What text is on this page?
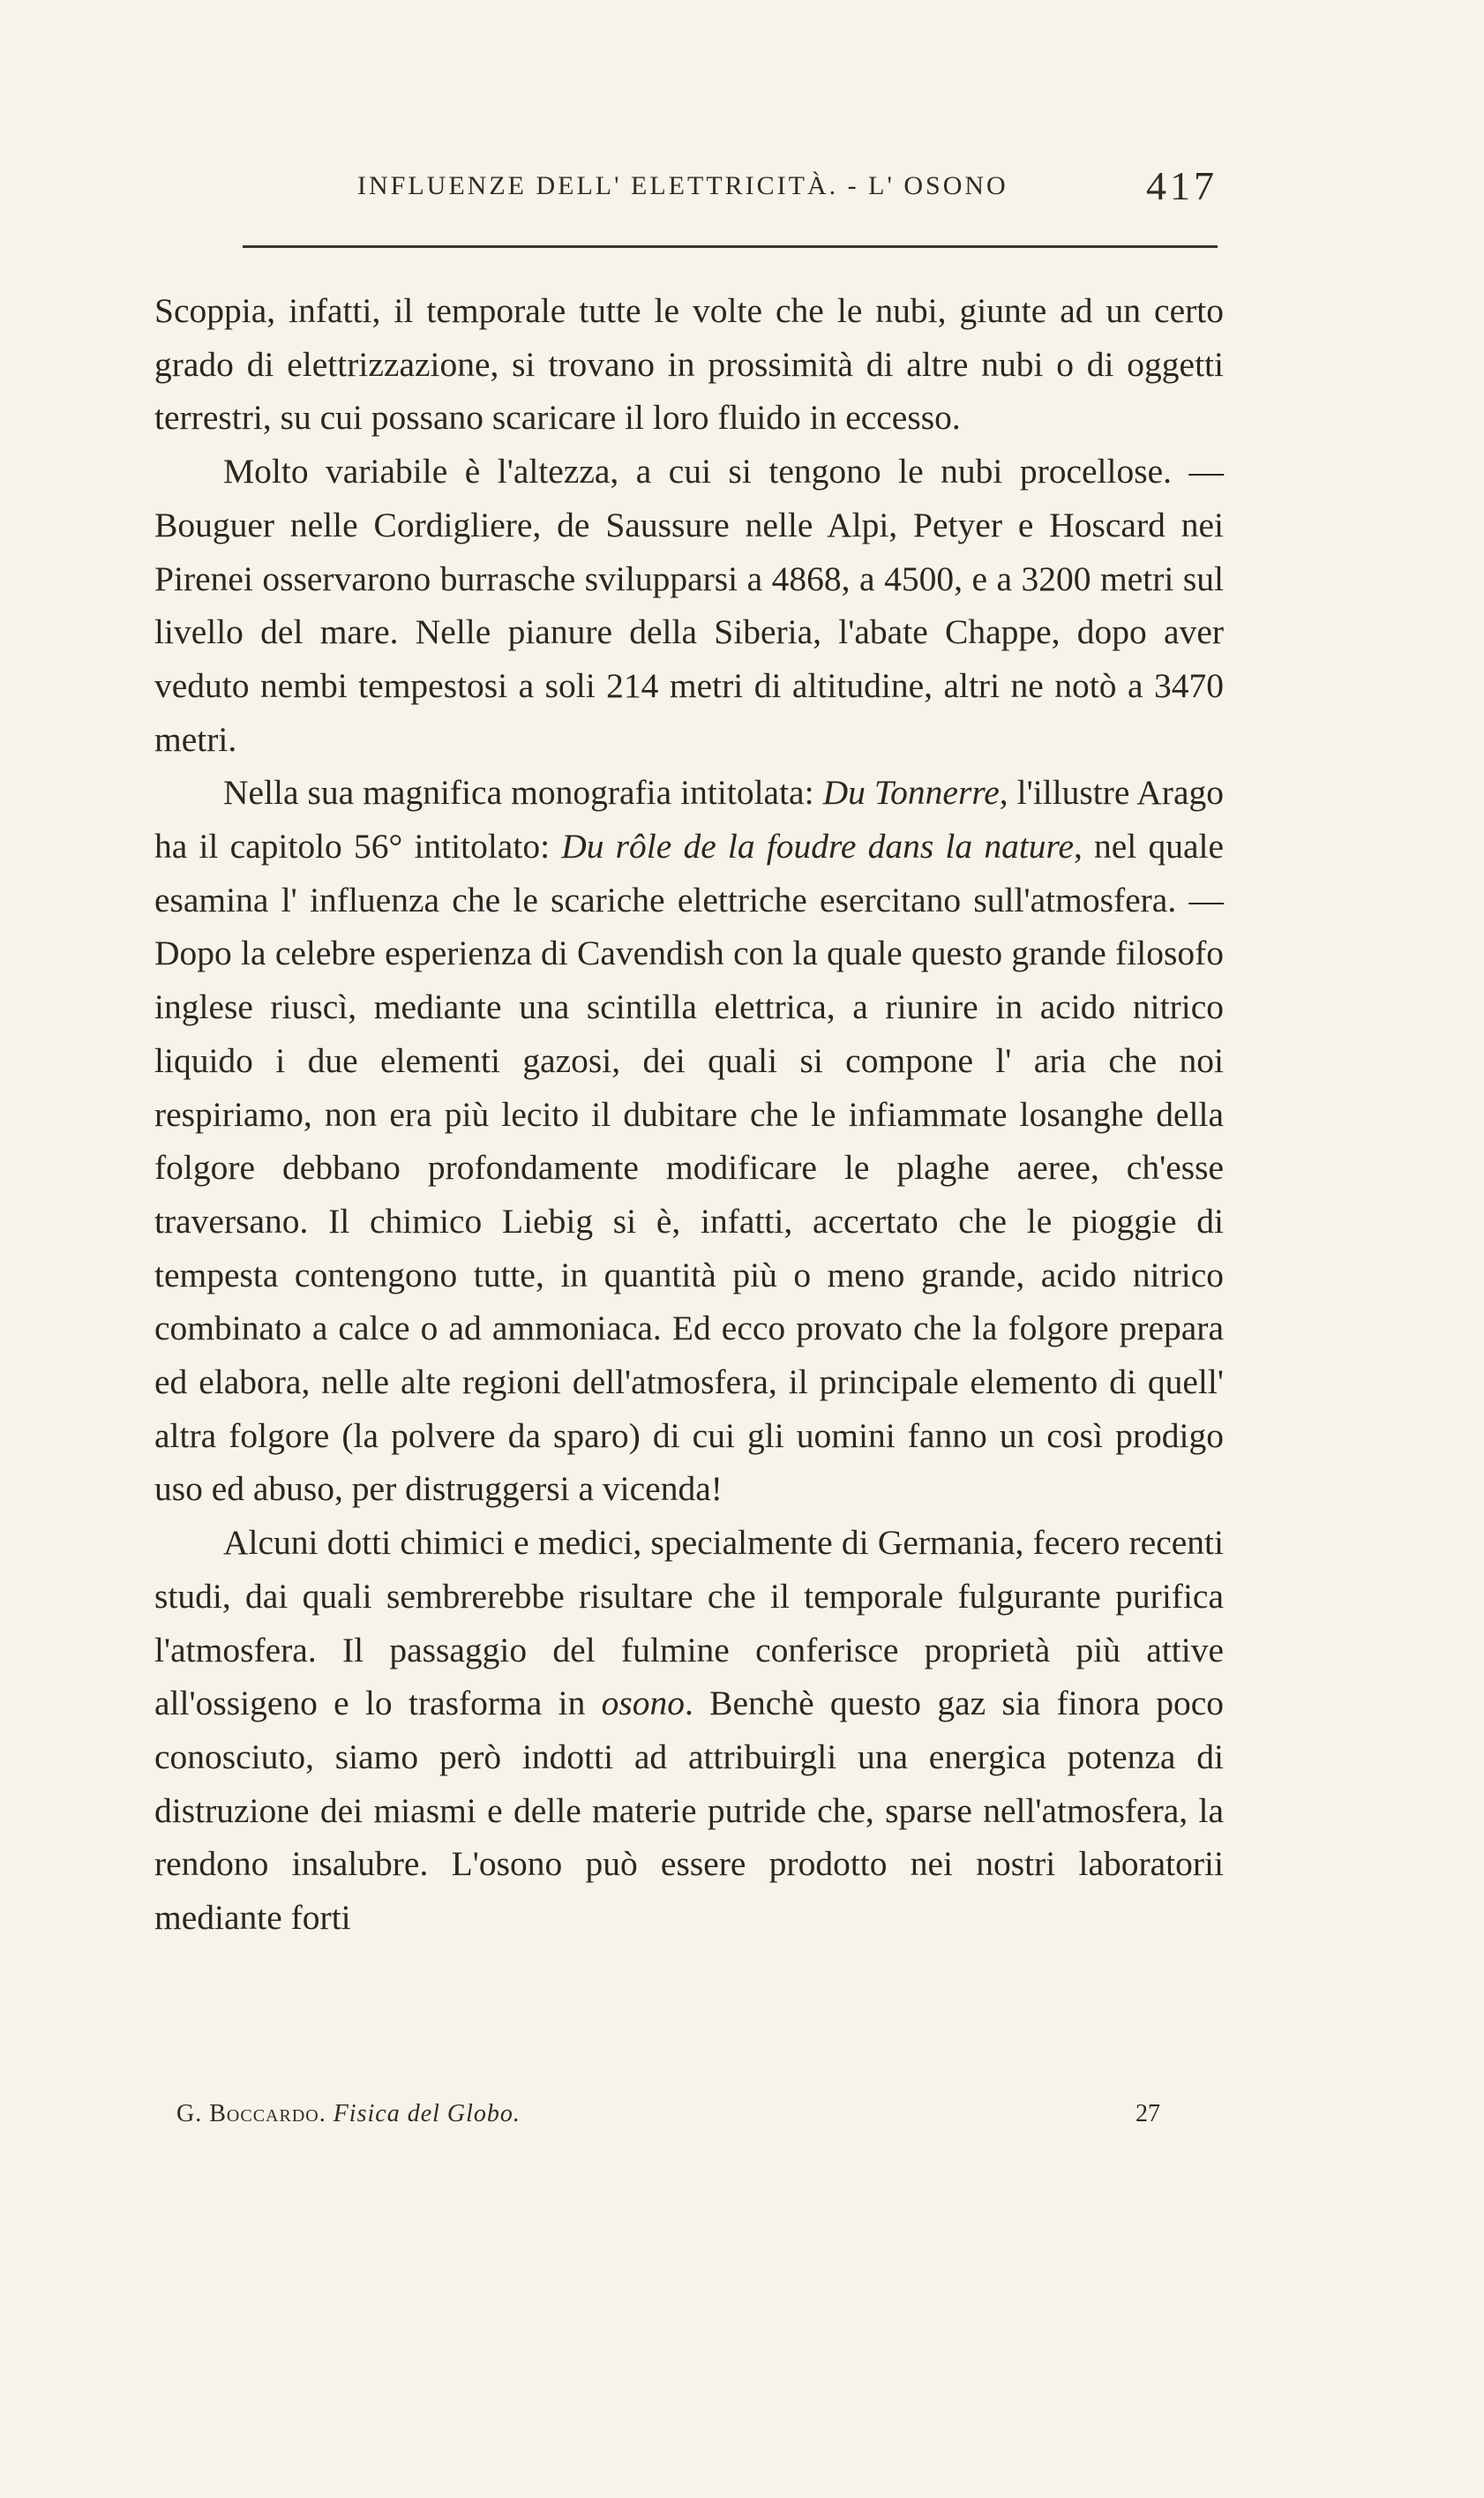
INFLUENZE DELL' ELETTRICITÀ. - L' OSONO	417

Scoppia, infatti, il temporale tutte le volte che le nubi, giunte ad un certo grado di elettrizzazione, si trovano in prossimità di altre nubi o di oggetti terrestri, su cui possano scaricare il loro fluido in eccesso.

Molto variabile è l'altezza, a cui si tengono le nubi procellose. — Bouguer nelle Cordigliere, de Saussure nelle Alpi, Petyer e Hoscard nei Pirenei osservarono burrasche svilupparsi a 4868, a 4500, e a 3200 metri sul livello del mare. Nelle pianure della Siberia, l'abate Chappe, dopo aver veduto nembi tempestosi a soli 214 metri di altitudine, altri ne notò a 3470 metri.

Nella sua magnifica monografia intitolata: Du Tonnerre, l'illustre Arago ha il capitolo 56° intitolato: Du rôle de la foudre dans la nature, nel quale esamina l' influenza che le scariche elettriche esercitano sull'atmosfera. — Dopo la celebre esperienza di Cavendish con la quale questo grande filosofo inglese riuscì, mediante una scintilla elettrica, a riunire in acido nitrico liquido i due elementi gazosi, dei quali si compone l' aria che noi respiriamo, non era più lecito il dubitare che le infiammate losanghe della folgore debbano profondamente modificare le plaghe aeree, ch'esse traversano. Il chimico Liebig si è, infatti, accertato che le pioggie di tempesta contengono tutte, in quantità più o meno grande, acido nitrico combinato a calce o ad ammoniaca. Ed ecco provato che la folgore prepara ed elabora, nelle alte regioni dell'atmosfera, il principale elemento di quell' altra folgore (la polvere da sparo) di cui gli uomini fanno un così prodigo uso ed abuso, per distruggersi a vicenda!

Alcuni dotti chimici e medici, specialmente di Germania, fecero recenti studi, dai quali sembrerebbe risultare che il temporale fulgurante purifica l'atmosfera. Il passaggio del fulmine conferisce proprietà più attive all'ossigeno e lo trasforma in osono. Benchè questo gaz sia finora poco conosciuto, siamo però indotti ad attribuirgli una energica potenza di distruzione dei miasmi e delle materie putride che, sparse nell'atmosfera, la rendono insalubre. L'osono può essere prodotto nei nostri laboratorii mediante forti

G. Boccardo. Fisica del Globo.	27
